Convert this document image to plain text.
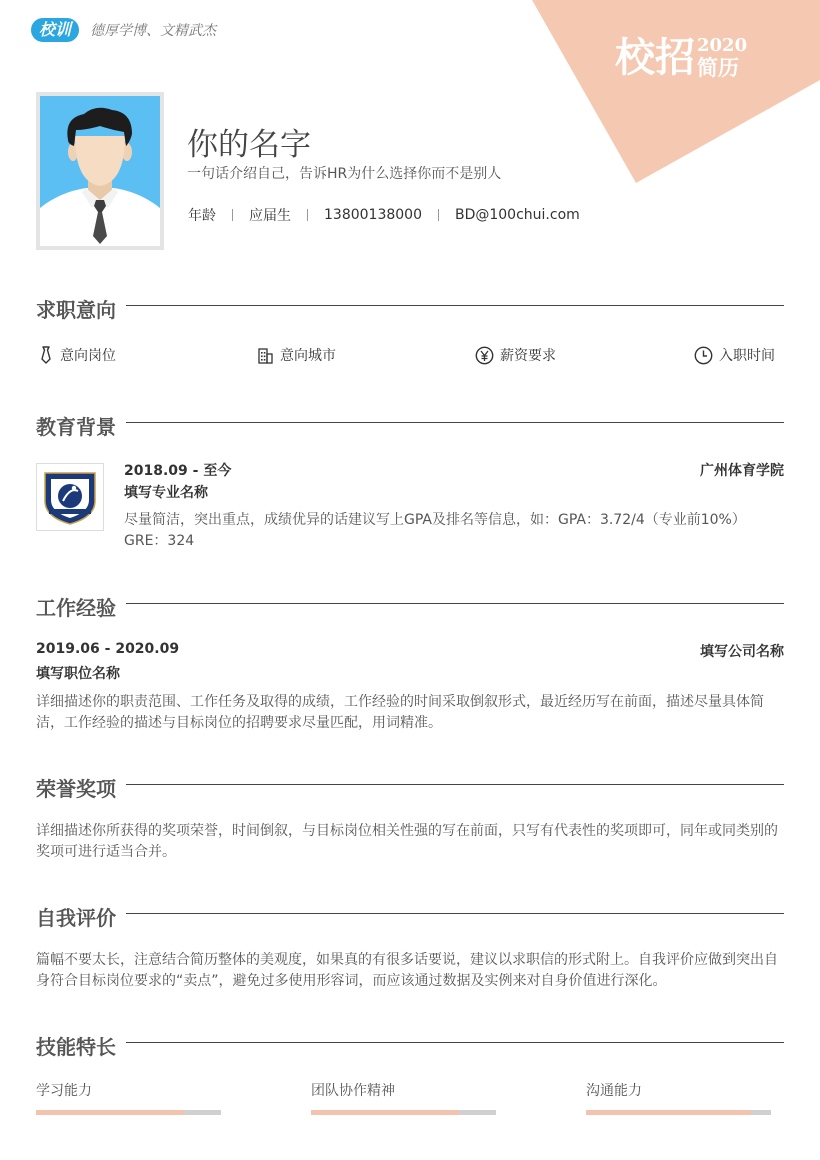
校训	德厚学博、文精武杰
校招 2020
简历
你的名字
一句话介绍自己，告诉HR为什么选择你而不是别人
年龄 应届生 13800138000 BD@100chui.com
求职意向
意向岗位	意向城市	薪资要求	入职时间
教育背景
2018.09 - 至今	广州体育学院
填写专业名称
尽量简洁，突出重点，成绩优异的话建议写上GPA及排名等信息，如：GPA：3.72/4（专业前10%） GRE：324
工作经验
2019.06 - 2020.09	填写公司名称
填写职位名称
详细描述你的职责范围、工作任务及取得的成绩，工作经验的时间采取倒叙形式，最近经历写在前面，描述尽量具体简洁，工作经验的描述与目标岗位的招聘要求尽量匹配，用词精准。
荣誉奖项
详细描述你所获得的奖项荣誉，时间倒叙，与目标岗位相关性强的写在前面，只写有代表性的奖项即可，同年或同类别的奖项可进行适当合并。
自我评价
篇幅不要太长，注意结合简历整体的美观度，如果真的有很多话要说，建议以求职信的形式附上。自我评价应做到突出自身符合目标岗位要求的“卖点”，避免过多使用形容词，而应该通过数据及实例来对自身价值进行深化。
技能特长
学习能力	团队协作精神	沟通能力
